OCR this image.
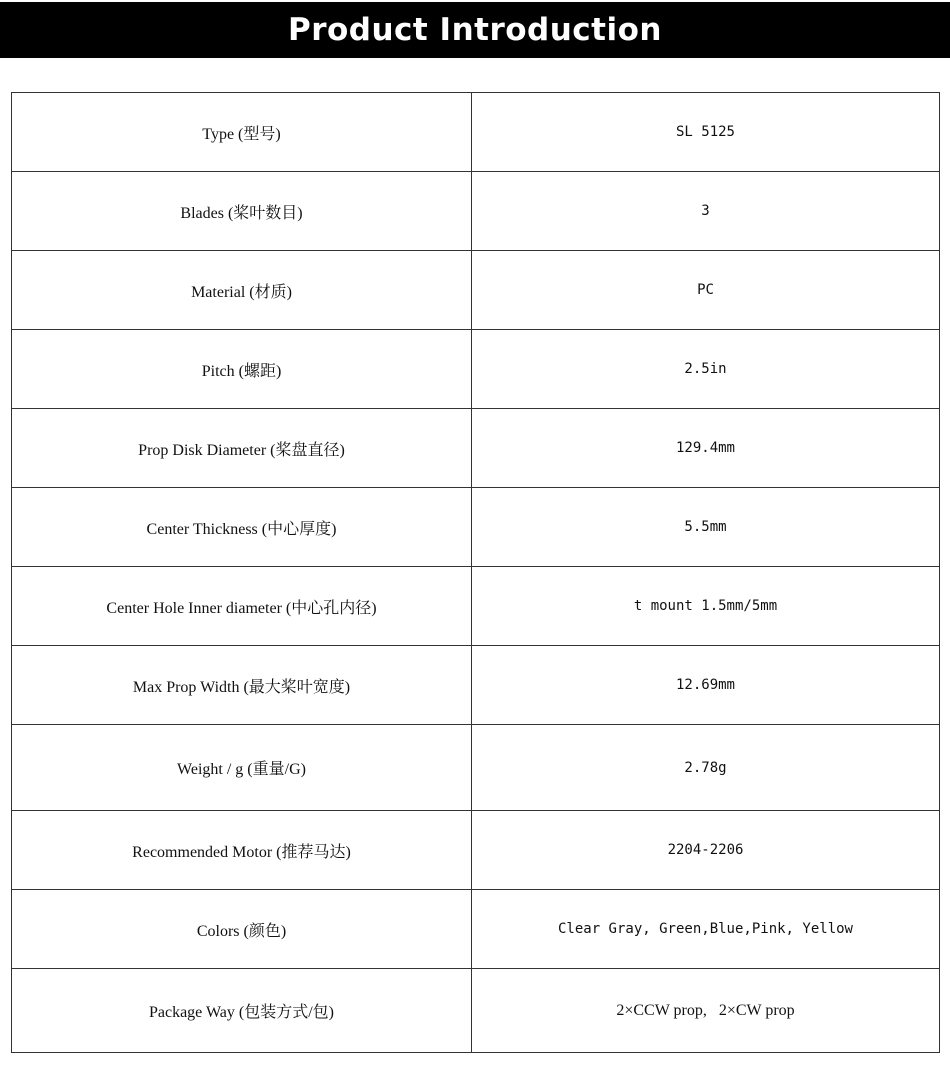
Product Introduction
Type (型号)	SL 5125
Blades (桨叶数目)	3
Material (材质)	PC
Pitch (螺距)	2.5in
Prop Disk Diameter (桨盘直径)	129.4mm
Center Thickness (中心厚度)	5.5mm
Center Hole Inner diameter (中心孔内径)	t mount 1.5mm/5mm
Max Prop Width (最大桨叶宽度)	12.69mm
Weight / g (重量/G)	2.78g
Recommended Motor (推荐马达)	2204-2206
Colors (颜色)	Clear Gray, Green,Blue,Pink, Yellow
Package Way (包装方式/包)	2×CCW prop,   2×CW prop
